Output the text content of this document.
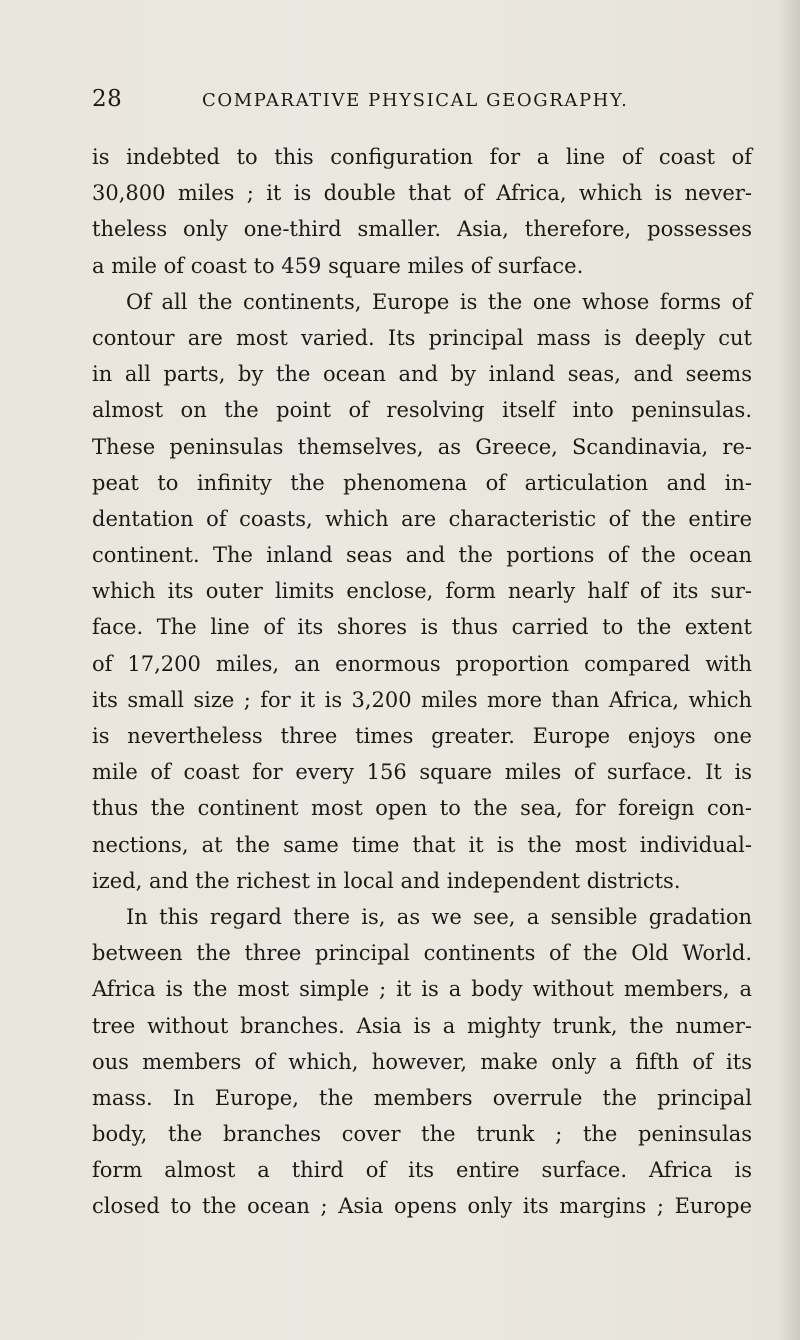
28	COMPARATIVE PHYSICAL GEOGRAPHY.
is indebted to this configuration for a line of coast of
30,800 miles ; it is double that of Africa, which is never-
theless only one-third smaller. Asia, therefore, possesses
a mile of coast to 459 square miles of surface.
Of all the continents, Europe is the one whose forms of
contour are most varied. Its principal mass is deeply cut
in all parts, by the ocean and by inland seas, and seems
almost on the point of resolving itself into peninsulas.
These peninsulas themselves, as Greece, Scandinavia, re-
peat to infinity the phenomena of articulation and in-
dentation of coasts, which are characteristic of the entire
continent. The inland seas and the portions of the ocean
which its outer limits enclose, form nearly half of its sur-
face. The line of its shores is thus carried to the extent
of 17,200 miles, an enormous proportion compared with
its small size ; for it is 3,200 miles more than Africa, which
is nevertheless three times greater. Europe enjoys one
mile of coast for every 156 square miles of surface. It is
thus the continent most open to the sea, for foreign con-
nections, at the same time that it is the most individual-
ized, and the richest in local and independent districts.
In this regard there is, as we see, a sensible gradation
between the three principal continents of the Old World.
Africa is the most simple ; it is a body without members, a
tree without branches. Asia is a mighty trunk, the numer-
ous members of which, however, make only a fifth of its
mass. In Europe, the members overrule the principal
body, the branches cover the trunk ; the peninsulas
form almost a third of its entire surface. Africa is
closed to the ocean ; Asia opens only its margins ; Europe
